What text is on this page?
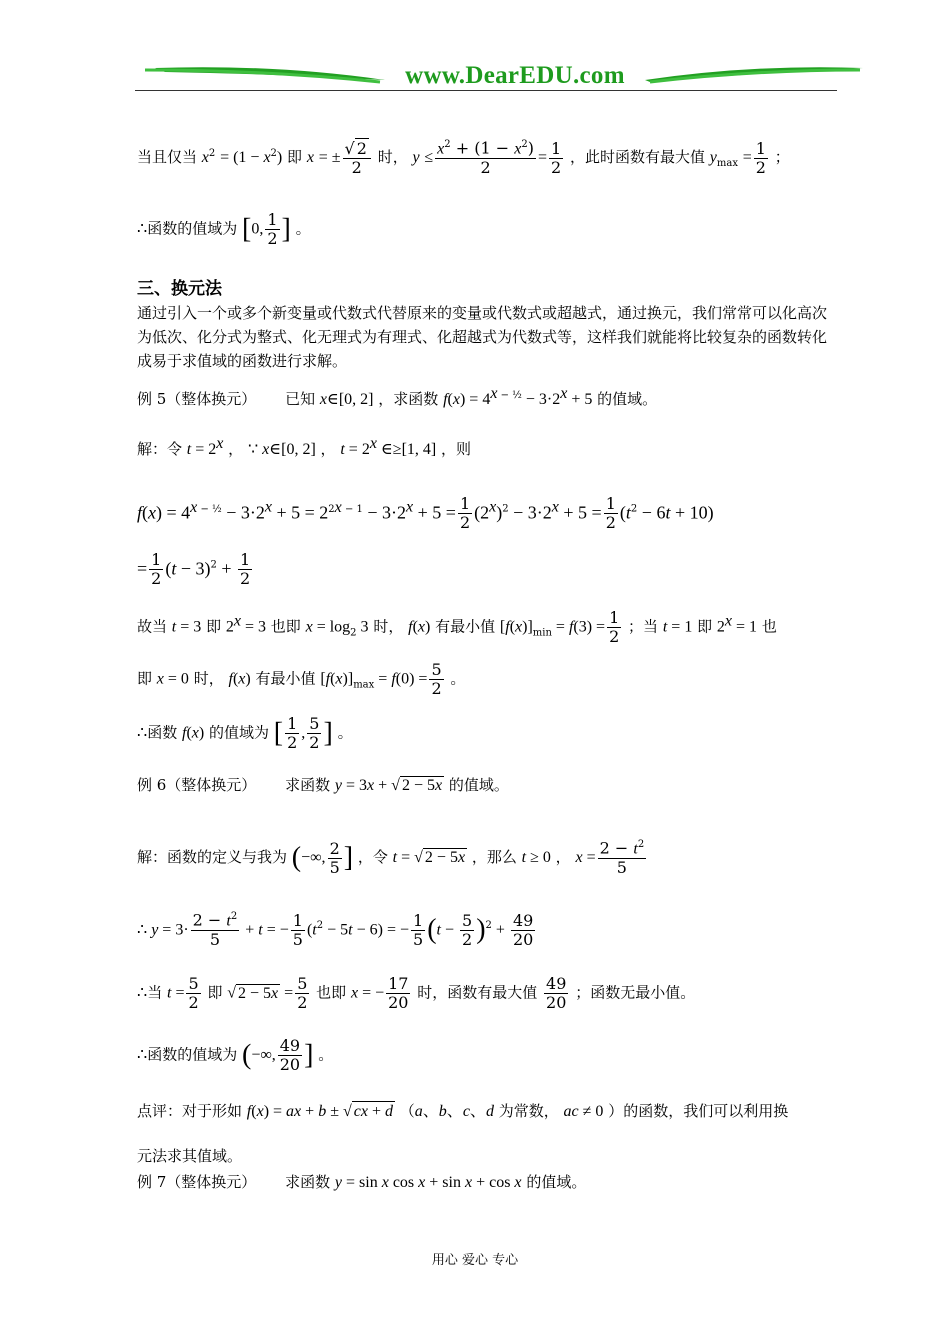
www.DearEDU.com
当且仅当 $x^2 = (1 - x^2)$ 即 x = ± $\frac{√ 2}{2}$ 时， $y \le \frac{x^2 + (1 - x^2)}{2} = \frac{1}{2}$ ，此时函数有最大值 $y_{max} = \frac{1}{2}$ ；
∴函数的值域为 [0, $\frac{1}{2}$ ] 。
三、换元法
通过引入一个或多个新变量或代数式代替原来的变量或代数式或超越式，通过换元，我们常常可以化高次为低次、化分式为整式、化无理式为有理式、化超越式为代数式等，这样我们就能将比较复杂的函数转化成易于求值域的函数进行求解。
例 5（整体换元） 已知 x∈[0, 2] ，求函数 $f(x) = 4^{x - \frac{1}{2}} - 3\cdot 2^x + 5$ 的值域。
解：令 $t = 2^x$ ， ∵ x∈[0, 2] ， $t = 2^x$ ∈≥[1, 4] ，则
$f(x) = 4^{x - \frac{1}{2}} - 3\cdot 2^x + 5 = 2^{2x - 1} - 3\cdot 2^x + 5 = \frac{1}{2} (2^x)^2 - 3\cdot 2^x + 5 = \frac{1}{2} (t^2 - 6t + 10)$
= $\frac{1}{2} (t - 3)^2 + \frac{1}{2}$
故当 t = 3 即 $2^x = 3$ 也即 $x = \log_2 3$ 时， f(x) 有最小值 $[f(x)]_{min} = f(3) = \frac{1}{2}$ ；当 t = 1 即 $2^x = 1$ 也
即 x = 0 时， f(x) 有最小值 $[f(x)]_{max} = f(0) = \frac{5}{2}$ 。
∴函数 f(x) 的值域为 [ $\frac{1}{2}$ , $\frac{5}{2}$ ] 。
例 6（整体换元） 求函数 y = 3x + √ 2 − 5x 的值域。
解：函数的定义与我为 (−∞, $\frac{2}{5}$ ] ，令 t = √ 2 − 5x ，那么 t ≥ 0 ， $x = \frac{2 - t^2}{5}$
∴ $y = 3\cdot \frac{2 - t^2}{5} + t$ = − $\frac{1}{5} (t^2 - 5t - 6)$ = − $\frac{1}{5} (t - \frac{5}{2} )^2 + \frac{49}{20}$
∴当 $t = \frac{5}{2}$ 即 √ $2 - 5x = \frac{5}{2}$ 也即 x = − $\frac{17}{20}$ 时，函数有最大值 $\frac{49}{20}$ ；函数无最小值。
∴函数的值域为 (−∞, $\frac{49}{20}$ ] 。
点评：对于形如 f(x) = ax + b ± √ cx + d （a、b、c、d 为常数， ac ≠ 0 ）的函数，我们可以利用换
元法求其值域。
例 7（整体换元） 求函数 y = sin x cos x + sin x + cos x 的值域。
用心 爱心 专心
